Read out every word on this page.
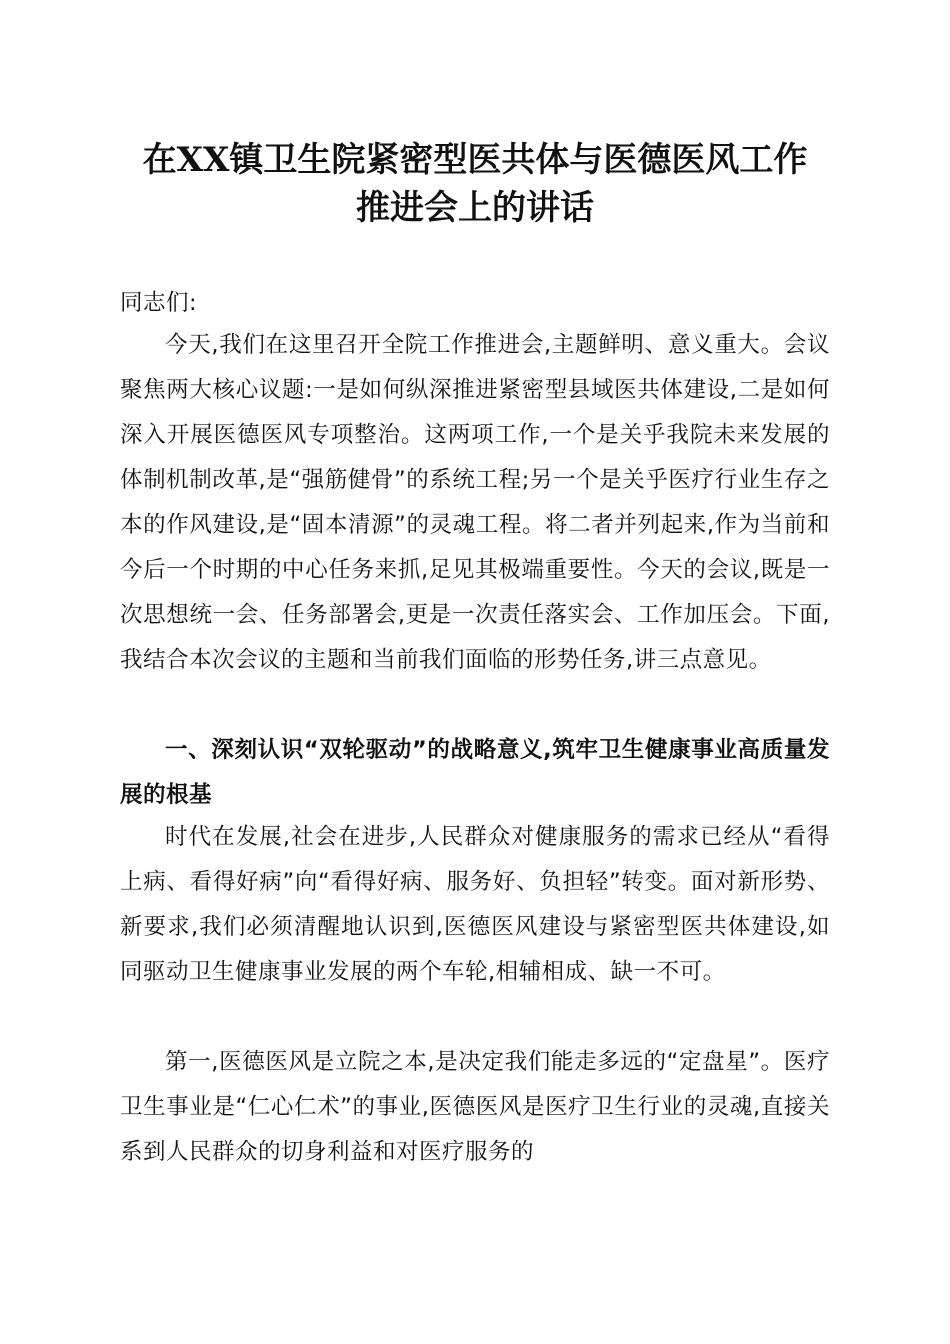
在XX镇卫生院紧密型医共体与医德医风工作
推进会上的讲话

同志们:

今天,我们在这里召开全院工作推进会,主题鲜明、意义重大。会议聚焦两大核心议题:一是如何纵深推进紧密型县域医共体建设,二是如何深入开展医德医风专项整治。这两项工作,一个是关乎我院未来发展的体制机制改革,是“强筋健骨”的系统工程;另一个是关乎医疗行业生存之本的作风建设,是“固本清源”的灵魂工程。将二者并列起来,作为当前和今后一个时期的中心任务来抓,足见其极端重要性。今天的会议,既是一次思想统一会、任务部署会,更是一次责任落实会、工作加压会。下面,我结合本次会议的主题和当前我们面临的形势任务,讲三点意见。

一、深刻认识“双轮驱动”的战略意义,筑牢卫生健康事业高质量发展的根基

时代在发展,社会在进步,人民群众对健康服务的需求已经从“看得上病、看得好病”向“看得好病、服务好、负担轻”转变。面对新形势、新要求,我们必须清醒地认识到,医德医风建设与紧密型医共体建设,如同驱动卫生健康事业发展的两个车轮,相辅相成、缺一不可。

第一,医德医风是立院之本,是决定我们能走多远的“定盘星”。医疗卫生事业是“仁心仁术”的事业,医德医风是医疗卫生行业的灵魂,直接关系到人民群众的切身利益和对医疗服务的
